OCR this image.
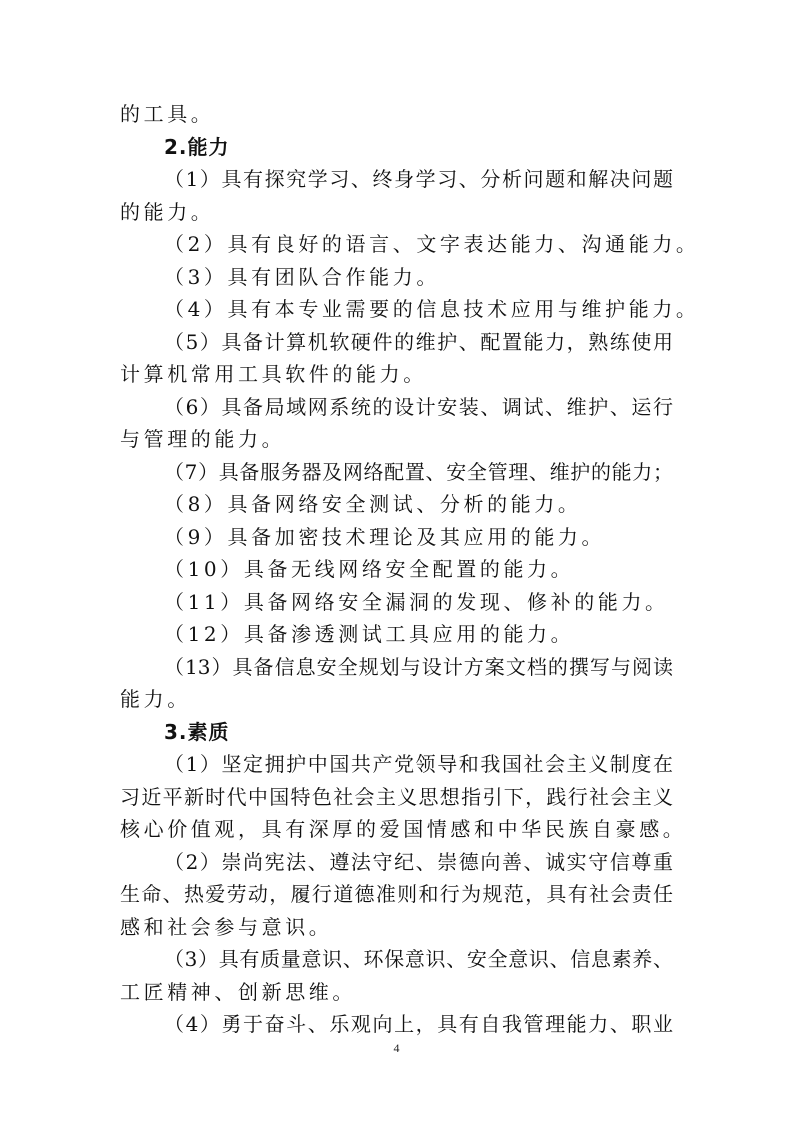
的工具。
2.能力
（1）具有探究学习、终身学习、分析问题和解决问题
的能力。
（2）具有良好的语言、文字表达能力、沟通能力。
（3）具有团队合作能力。
（4）具有本专业需要的信息技术应用与维护能力。
（5）具备计算机软硬件的维护、配置能力，熟练使用
计算机常用工具软件的能力。
（6）具备局域网系统的设计安装、调试、维护、运行
与管理的能力。
（7）具备服务器及网络配置、安全管理、维护的能力；
（8）具备网络安全测试、分析的能力。
（9）具备加密技术理论及其应用的能力。
（10）具备无线网络安全配置的能力。
（11）具备网络安全漏洞的发现、修补的能力。
（12）具备渗透测试工具应用的能力。
（13）具备信息安全规划与设计方案文档的撰写与阅读
能力。
3.素质
（1）坚定拥护中国共产党领导和我国社会主义制度在
习近平新时代中国特色社会主义思想指引下，践行社会主义
核心价值观，具有深厚的爱国情感和中华民族自豪感。
（2）崇尚宪法、遵法守纪、崇德向善、诚实守信尊重
生命、热爱劳动，履行道德准则和行为规范，具有社会责任
感和社会参与意识。
（3）具有质量意识、环保意识、安全意识、信息素养、
工匠精神、创新思维。
（4）勇于奋斗、乐观向上，具有自我管理能力、职业
4
